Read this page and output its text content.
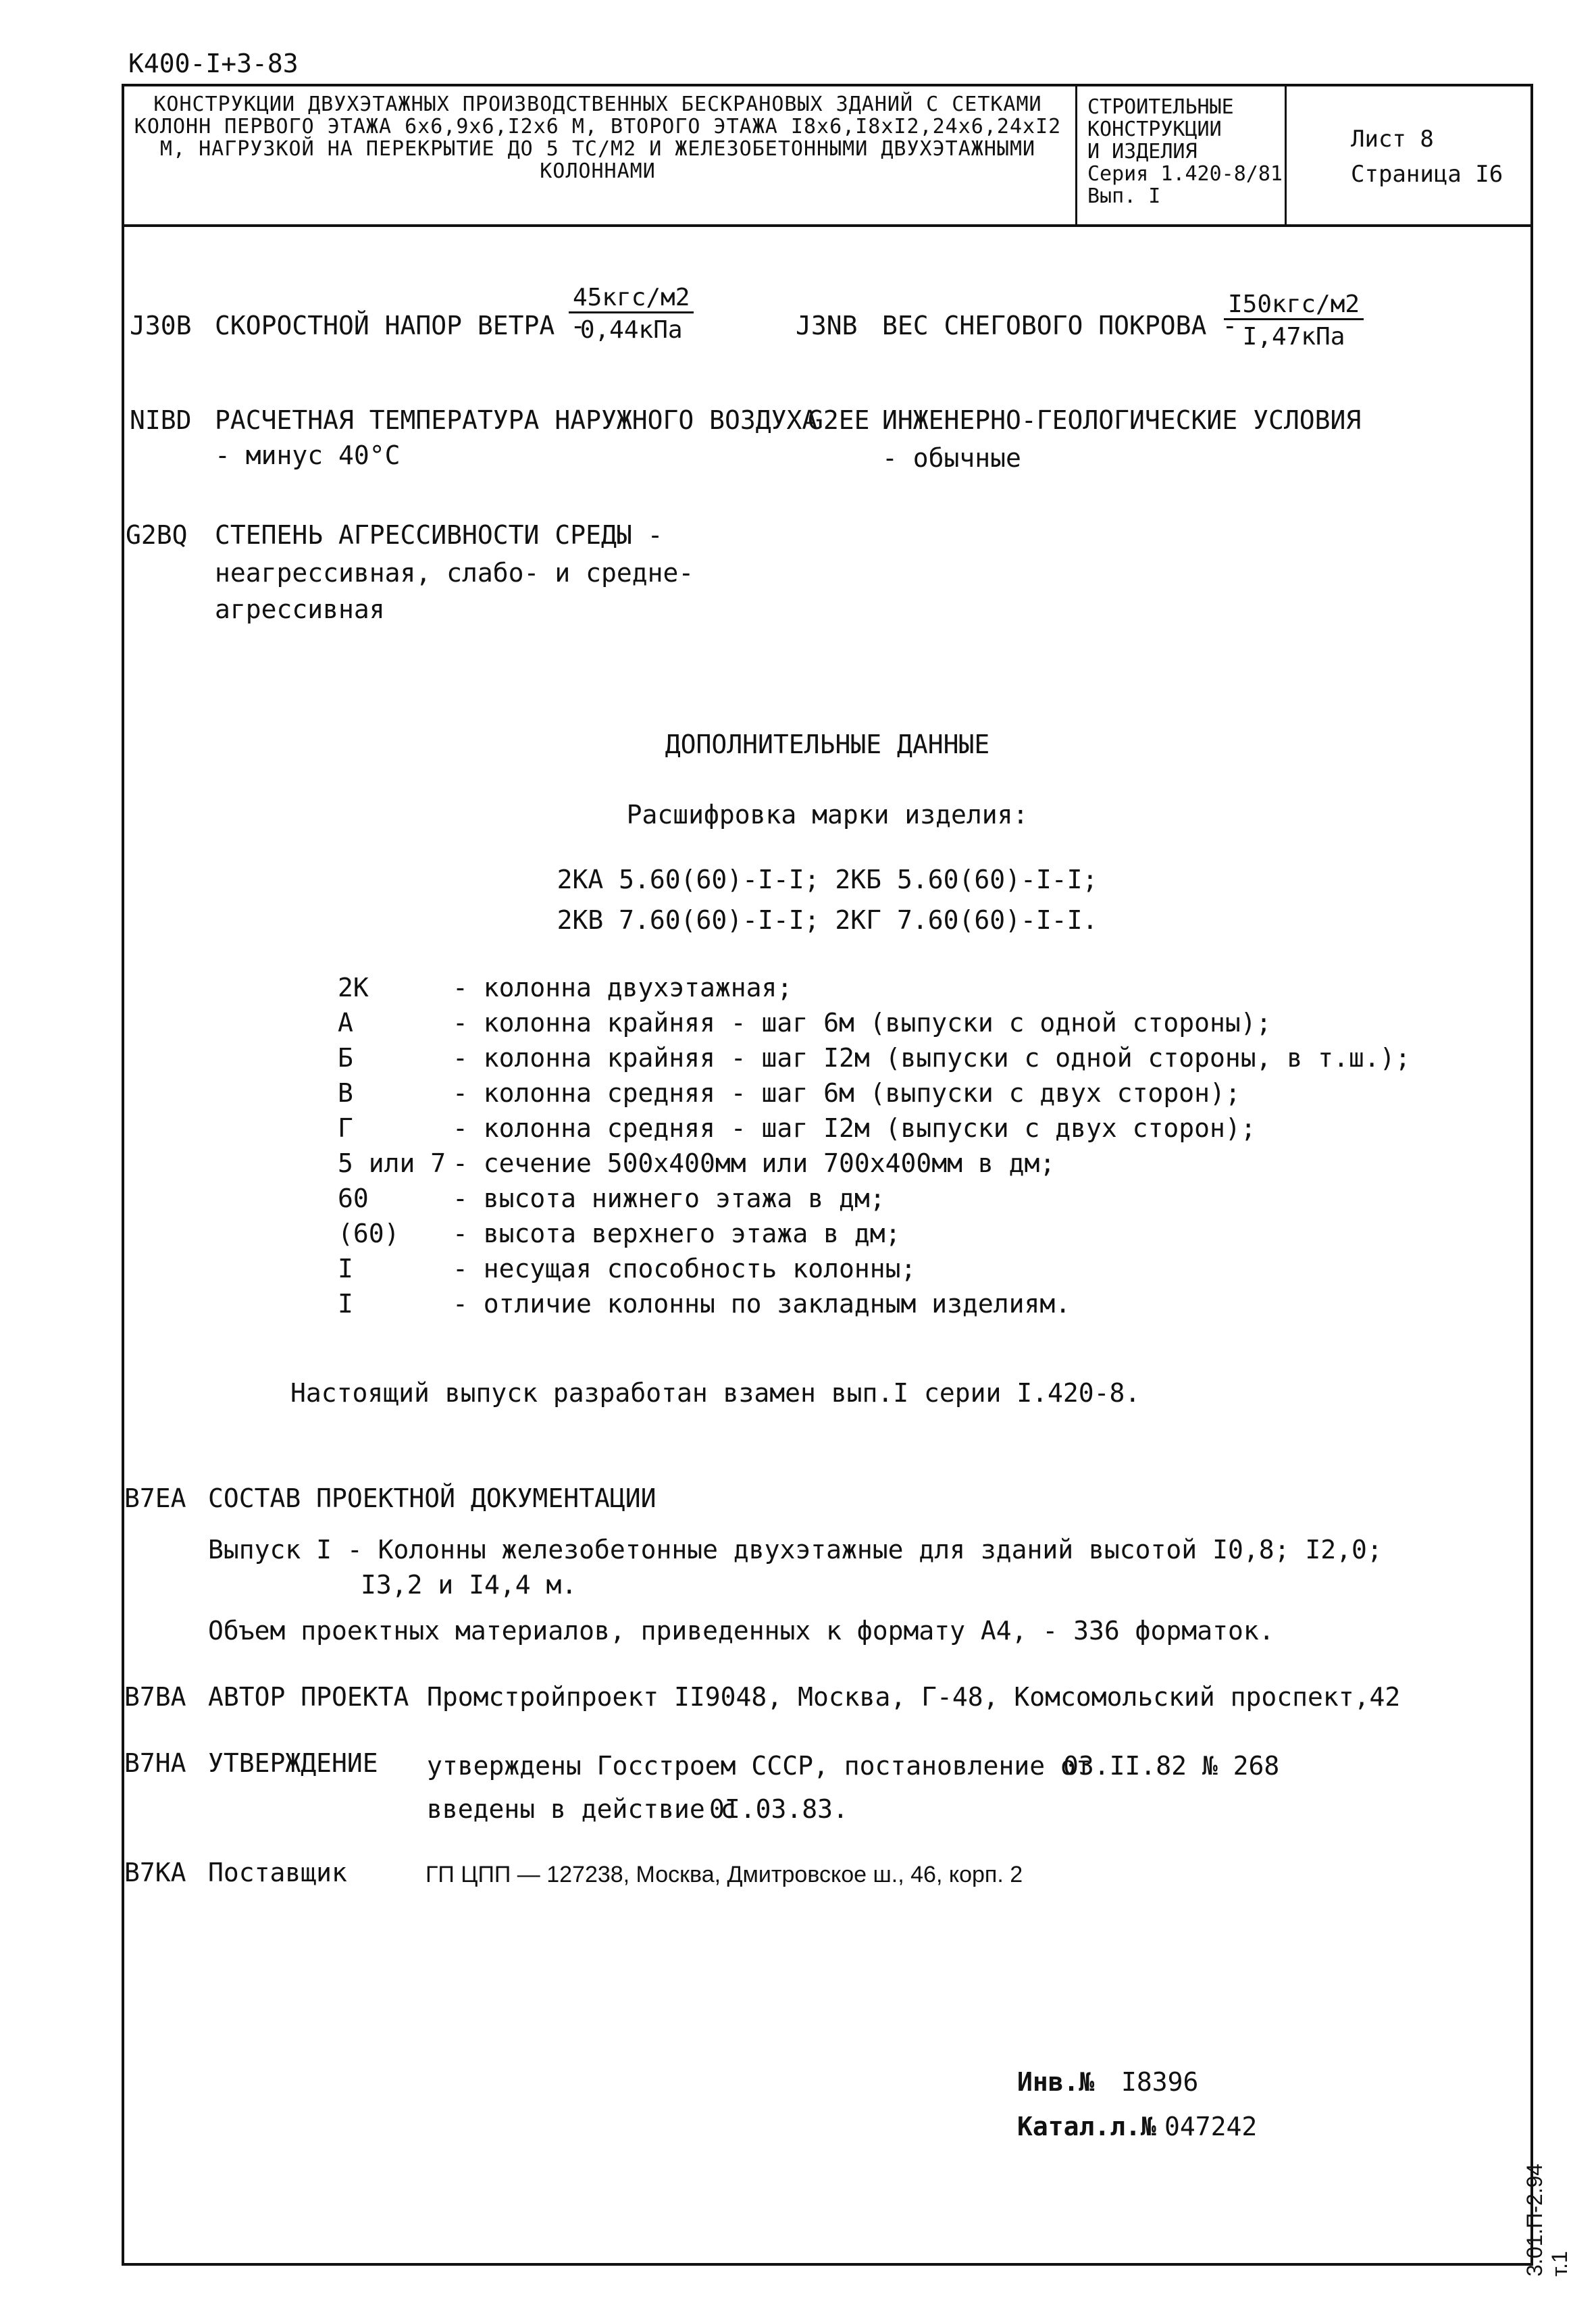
К400-I+3-83
КОНСТРУКЦИИ ДВУХЭТАЖНЫХ ПРОИЗВОДСТВЕННЫХ БЕСКРАНОВЫХ ЗДАНИЙ С СЕТКАМИ КОЛОНН ПЕРВОГО ЭТАЖА 6х6,9х6,I2х6 М, ВТОРОГО ЭТАЖА I8х6,I8хI2,24х6,24хI2 М, НАГРУЗКОЙ НА ПЕРЕКРЫТИЕ ДО 5 ТС/М2 И ЖЕЛЕЗОБЕТОННЫМИ ДВУХЭТАЖНЫМИ КОЛОННАМИ
СТРОИТЕЛЬНЫЕ
КОНСТРУКЦИИ
И ИЗДЕЛИЯ
Серия 1.420-8/81
Вып. I
Лист 8
Страница I6
J30B СКОРОСТНОЙ НАПОР ВЕТРА -
45кгс/м2
0,44кПа	J3NB ВЕС СНЕГОВОГО ПОКРОВА -
I50кгс/м2
I,47кПа
NIBD РАСЧЕТНАЯ ТЕМПЕРАТУРА НАРУЖНОГО ВОЗДУХА
- минус 40°С
G2EE ИНЖЕНЕРНО-ГЕОЛОГИЧЕСКИЕ УСЛОВИЯ
- обычные
G2BQ СТЕПЕНЬ АГРЕССИВНОСТИ СРЕДЫ -
неагрессивная, слабо- и средне-
агрессивная
ДОПОЛНИТЕЛЬНЫЕ ДАННЫЕ
Расшифровка марки изделия:
2КА 5.60(60)-I-I; 2КБ 5.60(60)-I-I;
2КВ 7.60(60)-I-I; 2КГ 7.60(60)-I-I.
2К	- колонна двухэтажная;
А	- колонна крайняя - шаг 6м (выпуски с одной стороны);
Б	- колонна крайняя - шаг I2м (выпуски с одной стороны, в т.ш.);
В	- колонна средняя - шаг 6м (выпуски с двух сторон);
Г	- колонна средняя - шаг I2м (выпуски с двух сторон);
5 или 7 - сечение 500х400мм или 700х400мм в дм;
60	- высота нижнего этажа в дм;
(60) - высота верхнего этажа в дм;
I	- несущая способность колонны;
I	- отличие колонны по закладным изделиям.
Настоящий выпуск разработан взамен вып.I серии I.420-8.
B7EA СОСТАВ ПРОЕКТНОЙ ДОКУМЕНТАЦИИ
Выпуск I - Колонны железобетонные двухэтажные для зданий высотой I0,8; I2,0;
I3,2 и I4,4 м.
Объем проектных материалов, приведенных к формату А4, - 336 форматок.
B7BA АВТОР ПРОЕКТА Промстройпроект II9048, Москва, Г-48, Комсомольский проспект,42
B7HA УТВЕРЖДЕНИЕ утверждены Госстроем СССР, постановление от
03.II.82 № 268
введены в действие с
0I.03.83.
B7KA Поставщик	ГП ЦПП — 127238, Москва, Дмитровское ш., 46, корп. 2
Инв.№ I8396
Катал.л.№ 047242
3.01.П-2.94 т.1
